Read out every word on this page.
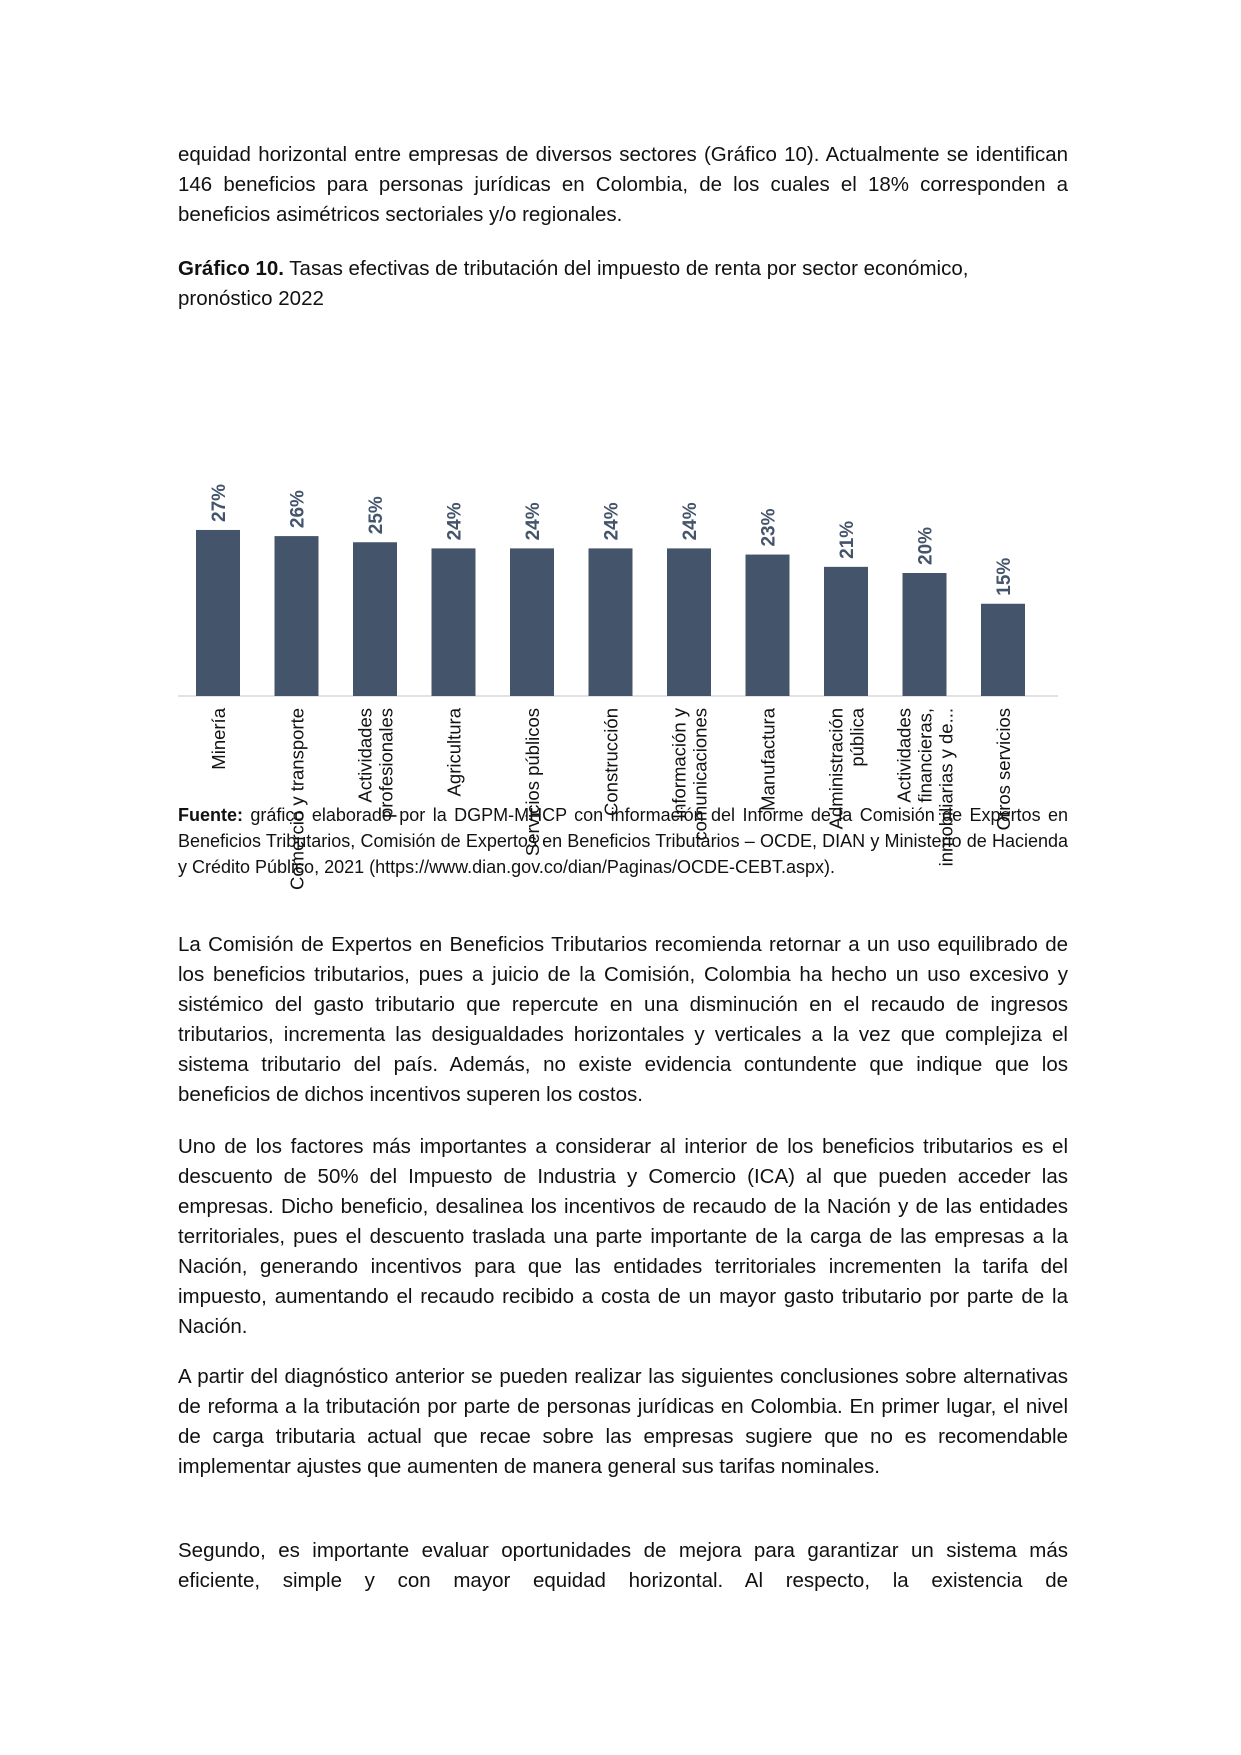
equidad horizontal entre empresas de diversos sectores (Gráfico 10). Actualmente se identifican 146 beneficios para personas jurídicas en Colombia, de los cuales el 18% corresponden a beneficios asimétricos sectoriales y/o regionales.

Gráfico 10. Tasas efectivas de tributación del impuesto de renta por sector económico, pronóstico 2022

27%
Minería
26%
Comercio y transporte
25%
Actividades profesionales
24%
Agricultura
24%
Servicios públicos
24%
Construcción
24%
Información y comunicaciones
23%
Manufactura
21%
Administración pública
20%
Actividades financieras, inmobiliarias y de...
15%
Otros servicios

Fuente: gráfico elaborado por la DGPM-MHCP con información del Informe de la Comisión de Expertos en Beneficios Tributarios, Comisión de Expertos en Beneficios Tributarios – OCDE, DIAN y Ministerio de Hacienda y Crédito Público, 2021 (https://www.dian.gov.co/dian/Paginas/OCDE-CEBT.aspx).

La Comisión de Expertos en Beneficios Tributarios recomienda retornar a un uso equilibrado de los beneficios tributarios, pues a juicio de la Comisión, Colombia ha hecho un uso excesivo y sistémico del gasto tributario que repercute en una disminución en el recaudo de ingresos tributarios, incrementa las desigualdades horizontales y verticales a la vez que complejiza el sistema tributario del país. Además, no existe evidencia contundente que indique que los beneficios de dichos incentivos superen los costos.

Uno de los factores más importantes a considerar al interior de los beneficios tributarios es el descuento de 50% del Impuesto de Industria y Comercio (ICA) al que pueden acceder las empresas. Dicho beneficio, desalinea los incentivos de recaudo de la Nación y de las entidades territoriales, pues el descuento traslada una parte importante de la carga de las empresas a la Nación, generando incentivos para que las entidades territoriales incrementen la tarifa del impuesto, aumentando el recaudo recibido a costa de un mayor gasto tributario por parte de la Nación.

A partir del diagnóstico anterior se pueden realizar las siguientes conclusiones sobre alternativas de reforma a la tributación por parte de personas jurídicas en Colombia. En primer lugar, el nivel de carga tributaria actual que recae sobre las empresas sugiere que no es recomendable implementar ajustes que aumenten de manera general sus tarifas nominales.

Segundo, es importante evaluar oportunidades de mejora para garantizar un sistema más eficiente, simple y con mayor equidad horizontal. Al respecto, la existencia de
